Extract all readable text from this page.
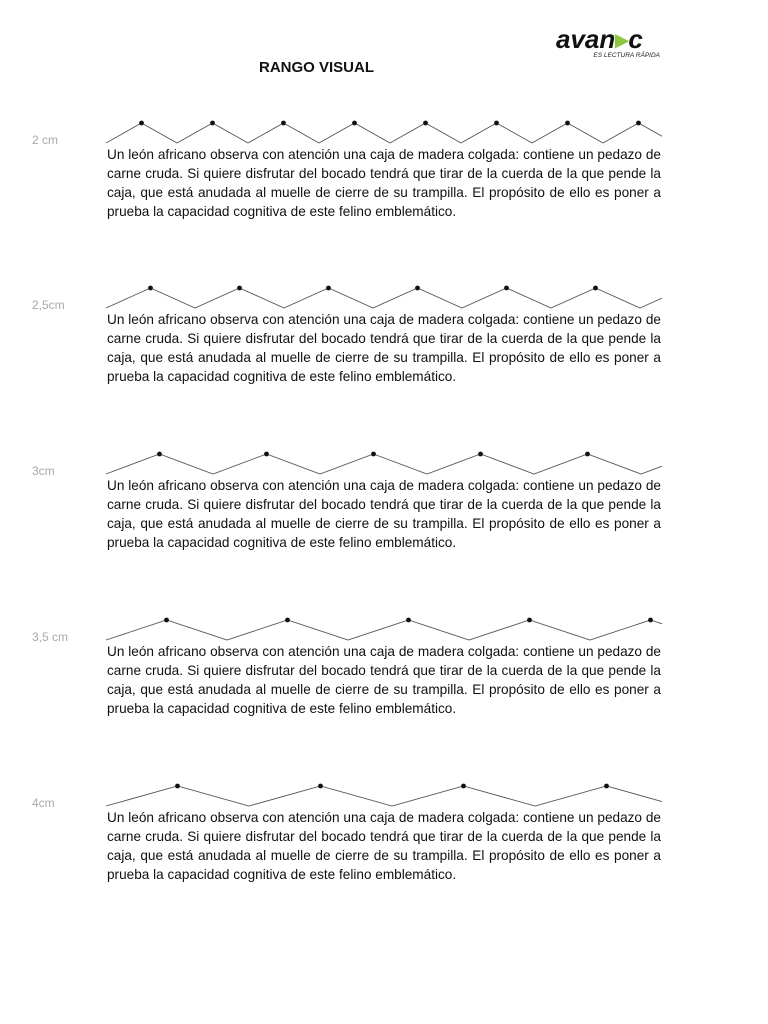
avan▸c
ES LECTURA RÁPIDA
RANGO VISUAL
2 cm

Un león africano observa con atención una caja de madera colgada: contiene un pedazo de carne cruda. Si quiere disfrutar del bocado tendrá que tirar de la cuerda de la que pende la caja, que está anudada al muelle de cierre de su trampilla. El propósito de ello es poner a prueba la capacidad cognitiva de este felino emblemático.

2,5cm

Un león africano observa con atención una caja de madera colgada: contiene un pedazo de carne cruda. Si quiere disfrutar del bocado tendrá que tirar de la cuerda de la que pende la caja, que está anudada al muelle de cierre de su trampilla. El propósito de ello es poner a prueba la capacidad cognitiva de este felino emblemático.

3cm

Un león africano observa con atención una caja de madera colgada: contiene un pedazo de carne cruda. Si quiere disfrutar del bocado tendrá que tirar de la cuerda de la que pende la caja, que está anudada al muelle de cierre de su trampilla. El propósito de ello es poner a prueba la capacidad cognitiva de este felino emblemático.

3,5 cm

Un león africano observa con atención una caja de madera colgada: contiene un pedazo de carne cruda. Si quiere disfrutar del bocado tendrá que tirar de la cuerda de la que pende la caja, que está anudada al muelle de cierre de su trampilla. El propósito de ello es poner a prueba la capacidad cognitiva de este felino emblemático.

4cm

Un león africano observa con atención una caja de madera colgada: contiene un pedazo de carne cruda. Si quiere disfrutar del bocado tendrá que tirar de la cuerda de la que pende la caja, que está anudada al muelle de cierre de su trampilla. El propósito de ello es poner a prueba la capacidad cognitiva de este felino emblemático.
